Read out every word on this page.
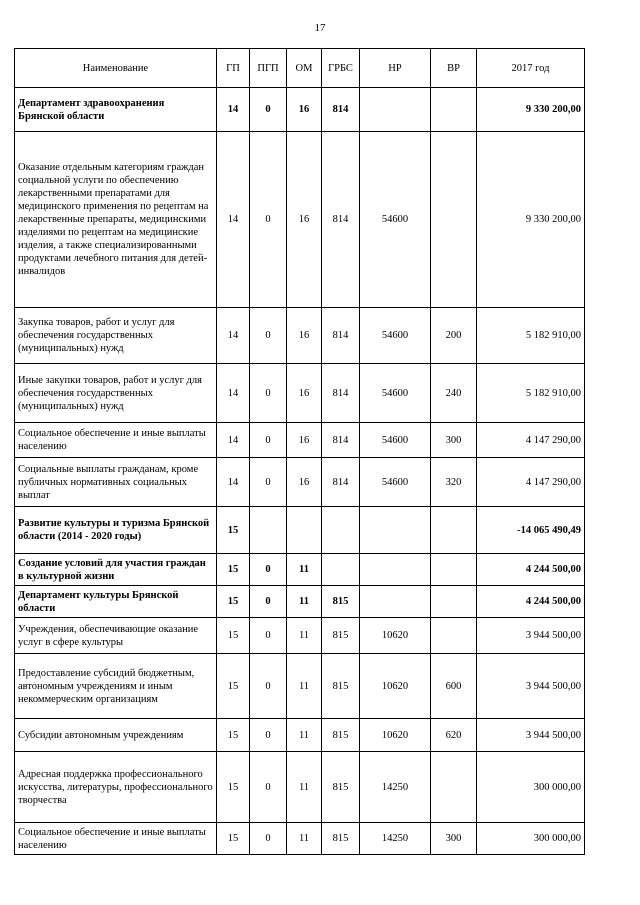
17
Наименование	ГП	ПГП	ОМ	ГРБС	НР	ВР	2017 год
Департамент здравоохранения Брянской области	14	0	16	814			9 330 200,00
Оказание отдельным категориям граждан социальной услуги по обеспечению лекарственными препаратами для медицинского применения по рецептам на лекарственные препараты, медицинскими изделиями по рецептам на медицинские изделия, а также специализированными продуктами лечебного питания для детей-инвалидов	14	0	16	814	54600		9 330 200,00
Закупка товаров, работ и услуг для обеспечения государственных (муниципальных) нужд	14	0	16	814	54600	200	5 182 910,00
Иные закупки товаров, работ и услуг для обеспечения государственных (муниципальных) нужд	14	0	16	814	54600	240	5 182 910,00
Социальное обеспечение и иные выплаты населению	14	0	16	814	54600	300	4 147 290,00
Социальные выплаты гражданам, кроме публичных нормативных социальных выплат	14	0	16	814	54600	320	4 147 290,00
Развитие культуры и туризма Брянской области (2014 - 2020 годы)	15						-14 065 490,49
Создание условий для участия граждан в культурной жизни	15	0	11				4 244 500,00
Департамент культуры Брянской области	15	0	11	815			4 244 500,00
Учреждения, обеспечивающие оказание услуг в сфере культуры	15	0	11	815	10620		3 944 500,00
Предоставление субсидий бюджетным, автономным учреждениям и иным некоммерческим организациям	15	0	11	815	10620	600	3 944 500,00
Субсидии автономным учреждениям	15	0	11	815	10620	620	3 944 500,00
Адресная поддержка профессионального искусства, литературы, профессионального творчества	15	0	11	815	14250		300 000,00
Социальное обеспечение и иные выплаты населению	15	0	11	815	14250	300	300 000,00
